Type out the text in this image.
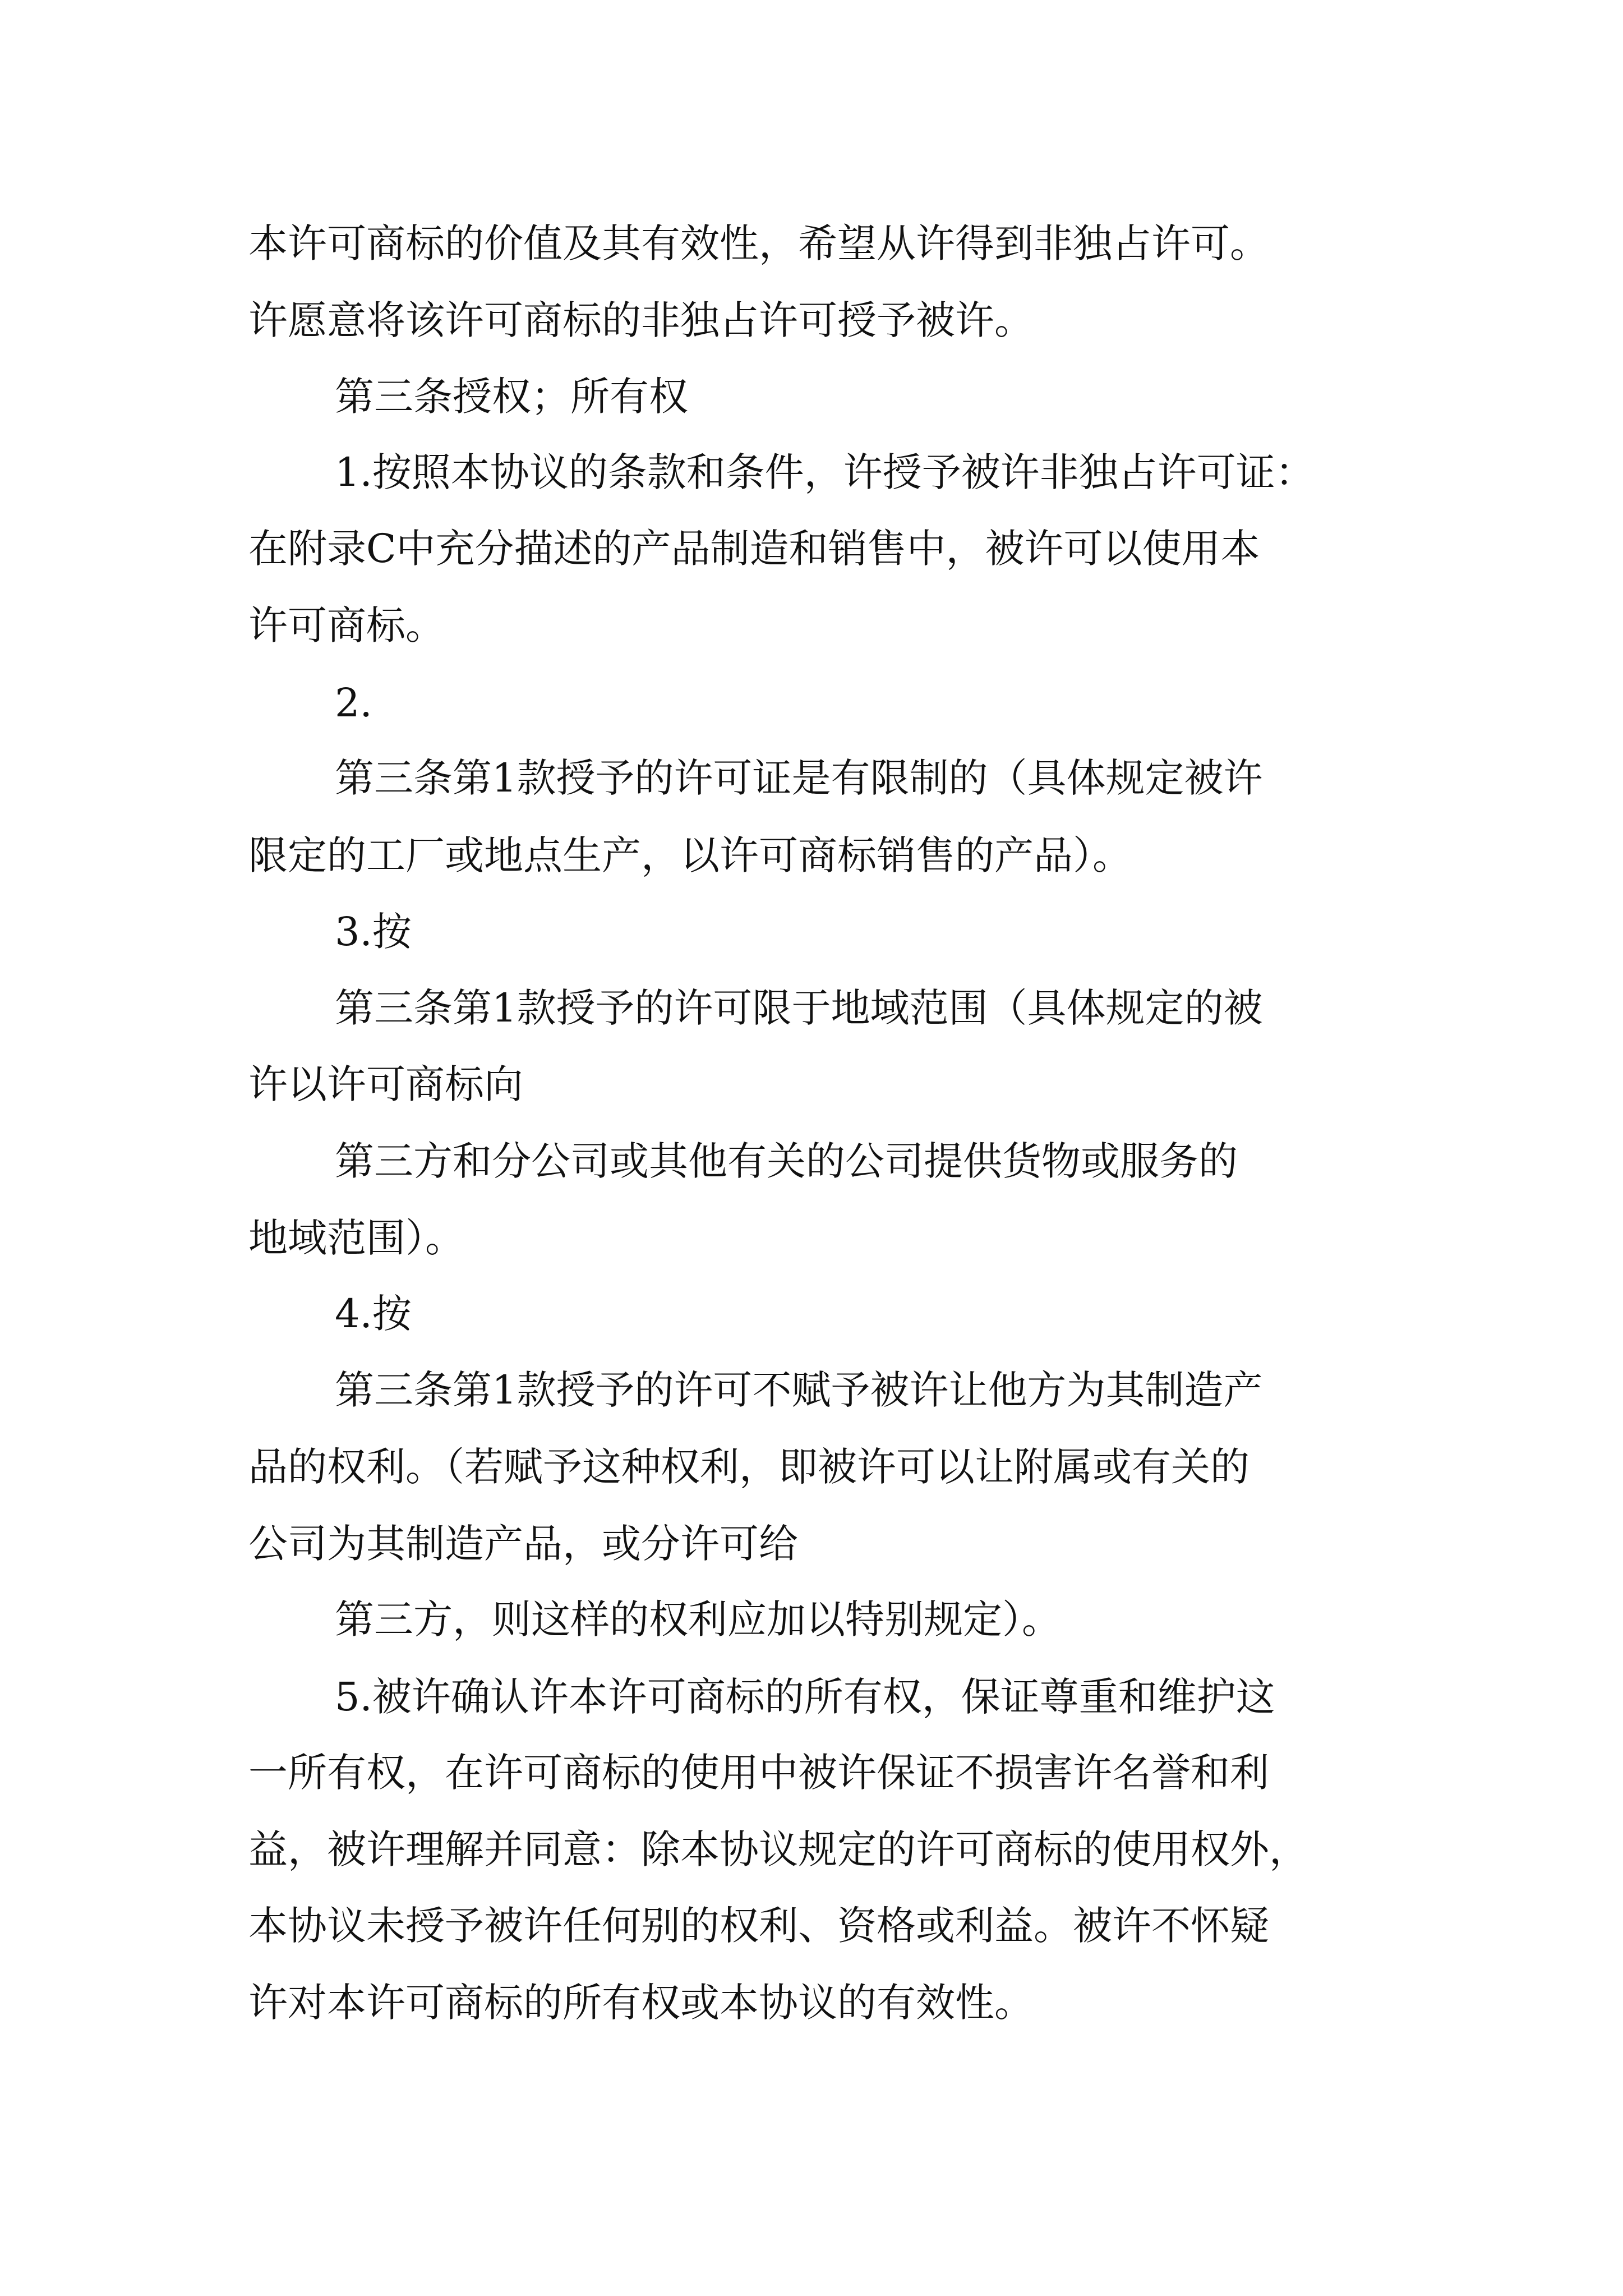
本许可商标的价值及其有效性，希望从许得到非独占许可。

许愿意将该许可商标的非独占许可授予被许。

第三条授权；所有权

1.按照本协议的条款和条件，许授予被许非独占许可证：

在附录C中充分描述的产品制造和销售中，被许可以使用本

许可商标。

2.

第三条第1款授予的许可证是有限制的（具体规定被许

限定的工厂或地点生产，以许可商标销售的产品）。

3.按

第三条第1款授予的许可限于地域范围（具体规定的被

许以许可商标向

第三方和分公司或其他有关的公司提供货物或服务的

地域范围）。

4.按

第三条第1款授予的许可不赋予被许让他方为其制造产

品的权利。（若赋予这种权利，即被许可以让附属或有关的

公司为其制造产品，或分许可给

第三方，则这样的权利应加以特别规定）。

5.被许确认许本许可商标的所有权，保证尊重和维护这

一所有权，在许可商标的使用中被许保证不损害许名誉和利

益，被许理解并同意：除本协议规定的许可商标的使用权外，

本协议未授予被许任何别的权利、资格或利益。被许不怀疑

许对本许可商标的所有权或本协议的有效性。
